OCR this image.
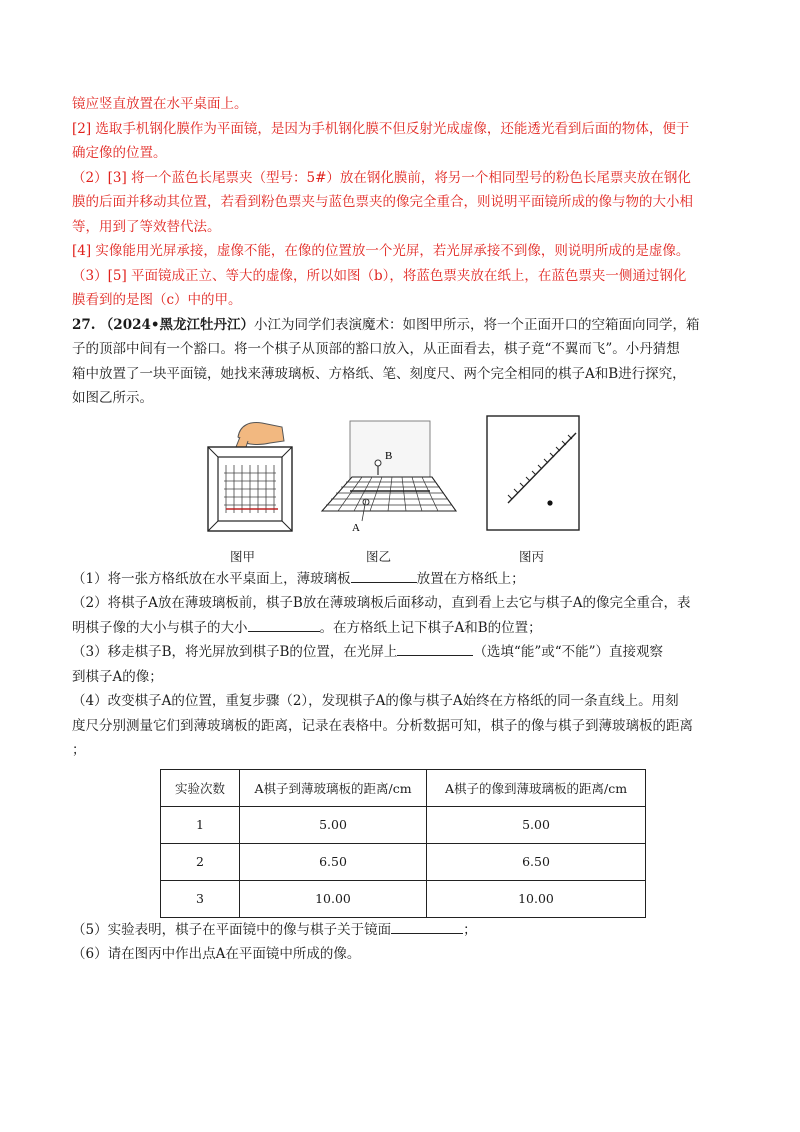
镜应竖直放置在水平桌面上。
[2] 选取手机钢化膜作为平面镜，是因为手机钢化膜不但反射光成虚像，还能透光看到后面的物体，便于
确定像的位置。
（2）[3] 将一个蓝色长尾票夹（型号：5#）放在钢化膜前，将另一个相同型号的粉色长尾票夹放在钢化
膜的后面并移动其位置，若看到粉色票夹与蓝色票夹的像完全重合，则说明平面镜所成的像与物的大小相
等，用到了等效替代法。
[4] 实像能用光屏承接，虚像不能，在像的位置放一个光屏，若光屏承接不到像，则说明所成的是虚像。
（3）[5] 平面镜成正立、等大的虚像，所以如图（b），将蓝色票夹放在纸上，在蓝色票夹一侧通过钢化
膜看到的是图（c）中的甲。
27. （2024•黑龙江牡丹江）小江为同学们表演魔术：如图甲所示，将一个正面开口的空箱面向同学，箱
子的顶部中间有一个豁口。将一个棋子从顶部的豁口放入，从正面看去，棋子竟“不翼而飞”。小丹猜想
箱中放置了一块平面镜，她找来薄玻璃板、方格纸、笔、刻度尺、两个完全相同的棋子A和B进行探究，
如图乙所示。
图甲
B
A
图乙	图丙
（1）将一张方格纸放在水平桌面上，薄玻璃板	放置在方格纸上；
（2）将棋子A放在薄玻璃板前，棋子B放在薄玻璃板后面移动，直到看上去它与棋子A的像完全重合，表
明棋子像的大小与棋子的大小	。在方格纸上记下棋子A和B的位置；
（3）移走棋子B，将光屏放到棋子B的位置，在光屏上	（选填“能”或“不能”）直接观察
到棋子A的像；
（4）改变棋子A的位置，重复步骤（2），发现棋子A的像与棋子A始终在方格纸的同一条直线上。用刻
度尺分别测量它们到薄玻璃板的距离，记录在表格中。分析数据可知，棋子的像与棋子到薄玻璃板的距离
；
实验次数	A棋子到薄玻璃板的距离/cm	A棋子的像到薄玻璃板的距离/cm
1	5.00	5.00
2	6.50	6.50
3	10.00	10.00
（5）实验表明，棋子在平面镜中的像与棋子关于镜面	；
（6）请在图丙中作出点A在平面镜中所成的像。
